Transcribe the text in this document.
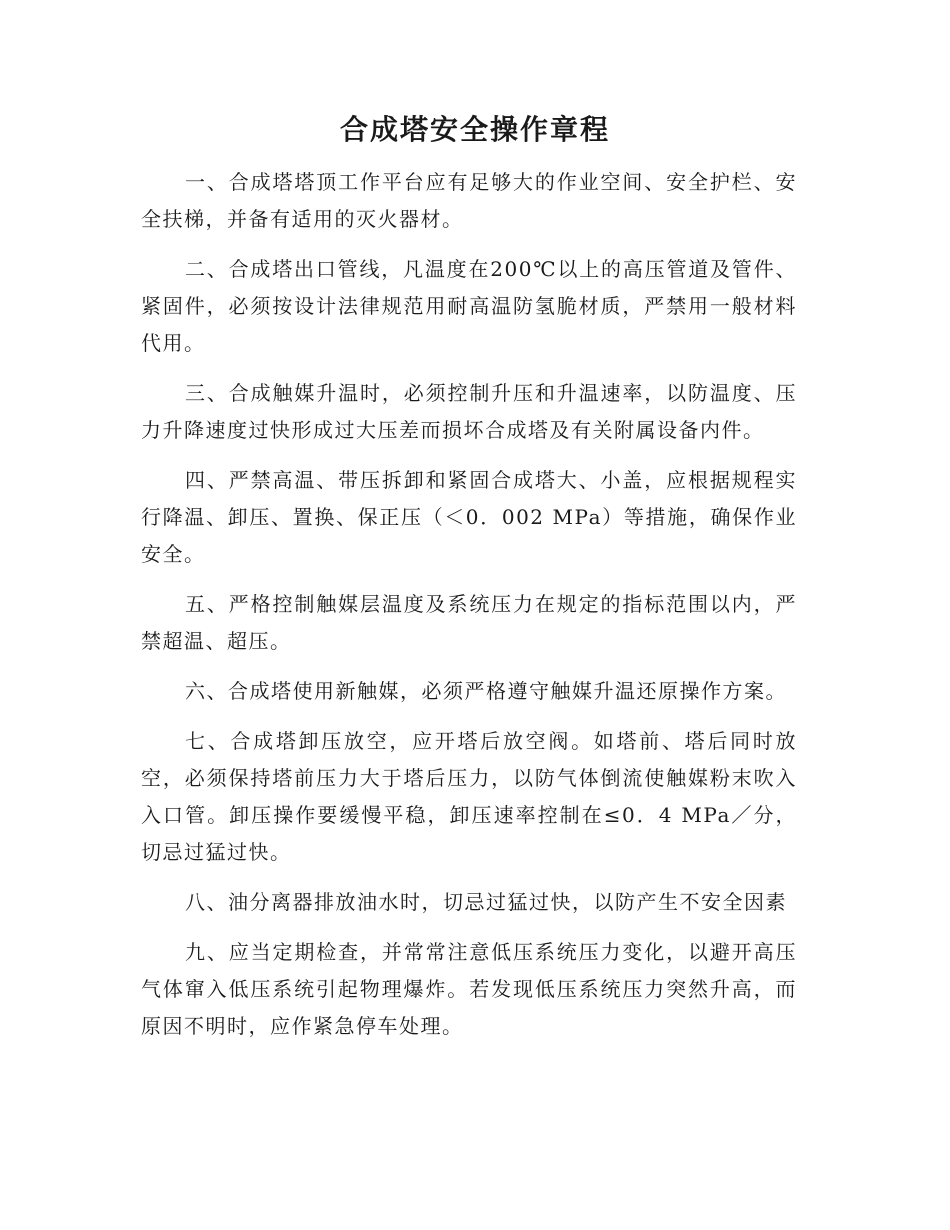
合成塔安全操作章程

一、合成塔塔顶工作平台应有足够大的作业空间、安全护栏、安全扶梯，并备有适用的灭火器材。

二、合成塔出口管线，凡温度在200℃以上的高压管道及管件、紧固件，必须按设计法律规范用耐高温防氢脆材质，严禁用一般材料代用。

三、合成触媒升温时，必须控制升压和升温速率，以防温度、压力升降速度过快形成过大压差而损坏合成塔及有关附属设备内件。

四、严禁高温、带压拆卸和紧固合成塔大、小盖，应根据规程实行降温、卸压、置换、保正压（＜0．002 MPa）等措施，确保作业安全。

五、严格控制触媒层温度及系统压力在规定的指标范围以内，严禁超温、超压。

六、合成塔使用新触媒，必须严格遵守触媒升温还原操作方案。

七、合成塔卸压放空，应开塔后放空阀。如塔前、塔后同时放空，必须保持塔前压力大于塔后压力，以防气体倒流使触媒粉末吹入入口管。卸压操作要缓慢平稳，卸压速率控制在≤0．4 MPa／分，切忌过猛过快。

八、油分离器排放油水时，切忌过猛过快，以防产生不安全因素

九、应当定期检查，并常常注意低压系统压力变化，以避开高压气体窜入低压系统引起物理爆炸。若发现低压系统压力突然升高，而原因不明时，应作紧急停车处理。
